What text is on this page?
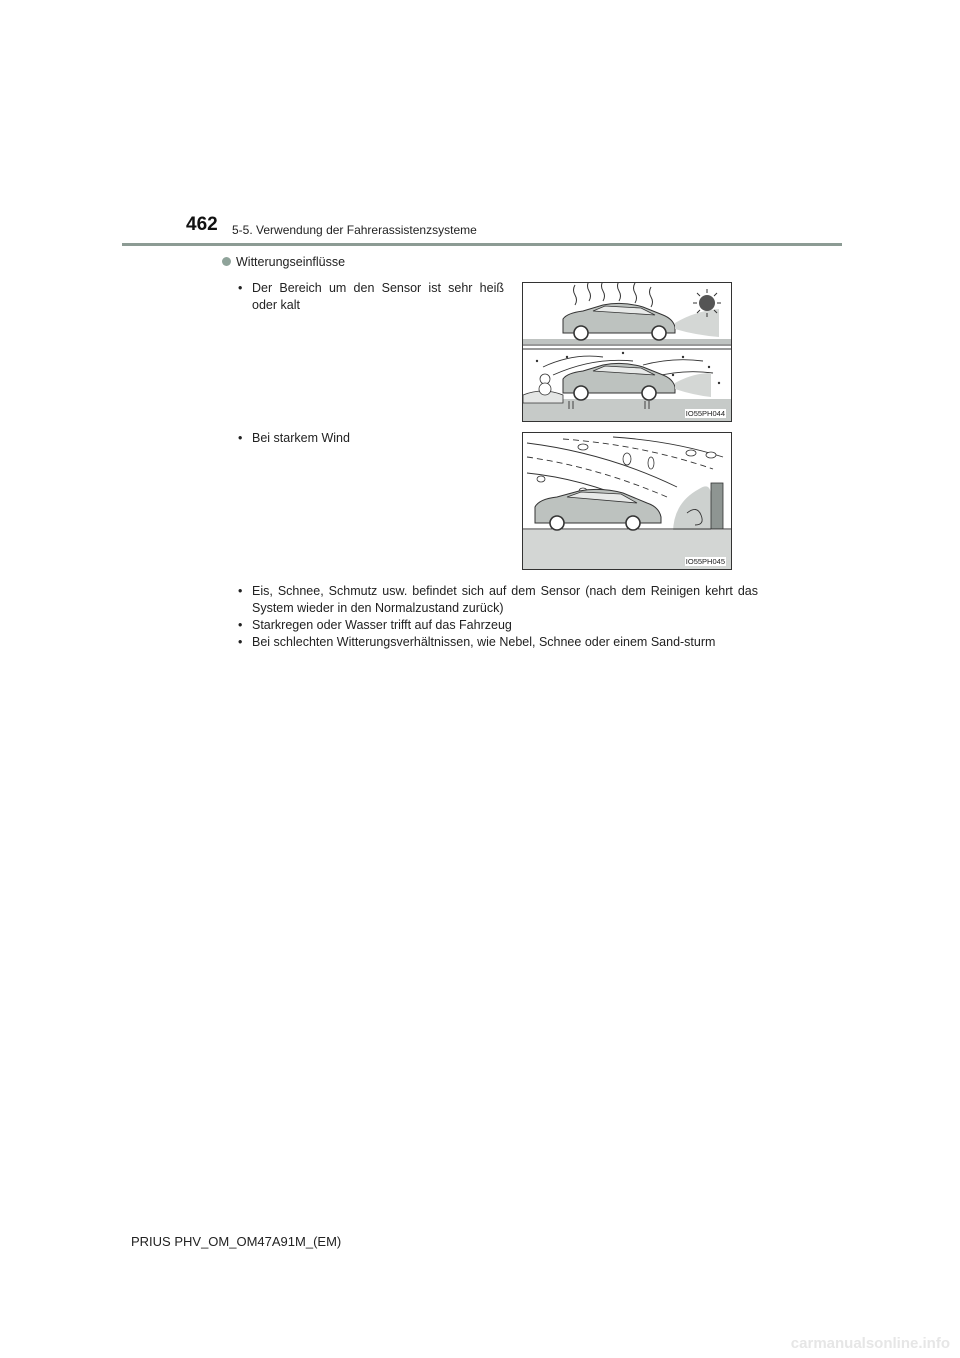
462 5-5. Verwendung der Fahrerassistenzsysteme
Witterungseinflüsse
• Der Bereich um den Sensor ist sehr heiß oder kalt
IO55PH044
• Bei starkem Wind
IO55PH045
• Eis, Schnee, Schmutz usw. befindet sich auf dem Sensor (nach dem Reinigen kehrt das System wieder in den Normalzustand zurück)
• Starkregen oder Wasser trifft auf das Fahrzeug
• Bei schlechten Witterungsverhältnissen, wie Nebel, Schnee oder einem Sand-sturm
PRIUS PHV_OM_OM47A91M_(EM)
carmanualsonline.info
